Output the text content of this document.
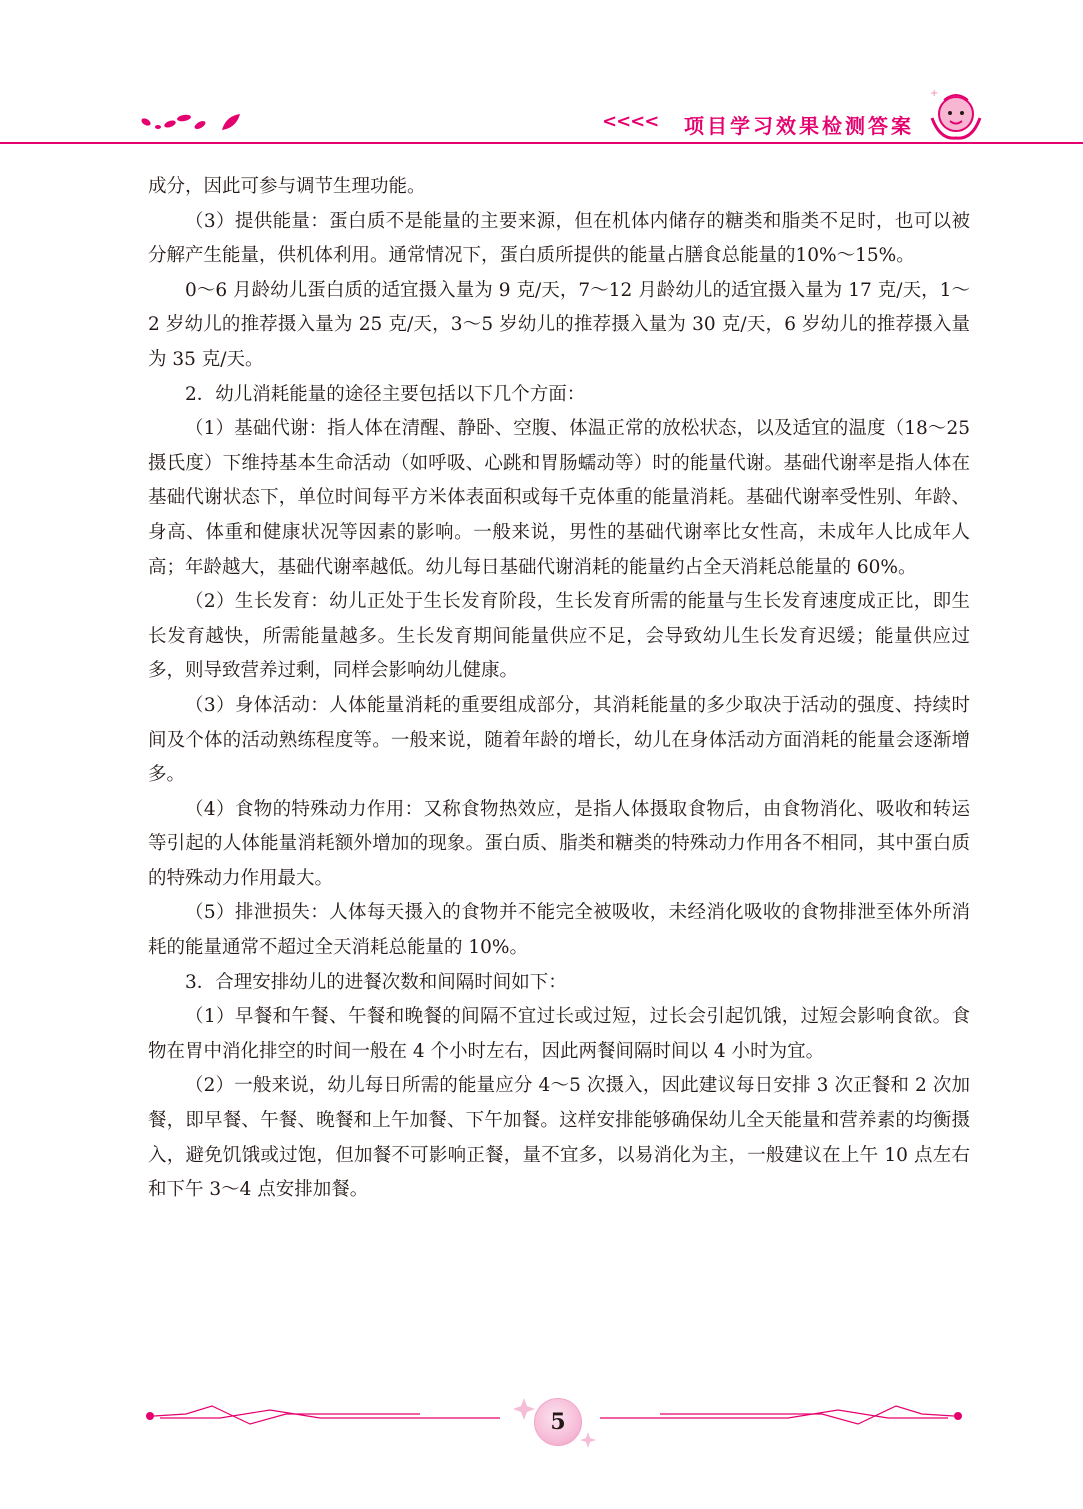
+
<<<< 项目学习效果检测答案

成分，因此可参与调节生理功能。

（3）提供能量：蛋白质不是能量的主要来源，但在机体内储存的糖类和脂类不足时，也可以被分解产生能量，供机体利用。通常情况下，蛋白质所提供的能量占膳食总能量的10%～15%。

0～6 月龄幼儿蛋白质的适宜摄入量为 9 克/天，7～12 月龄幼儿的适宜摄入量为 17 克/天，1～2 岁幼儿的推荐摄入量为 25 克/天，3～5 岁幼儿的推荐摄入量为 30 克/天，6 岁幼儿的推荐摄入量为 35 克/天。

2．幼儿消耗能量的途径主要包括以下几个方面：

（1）基础代谢：指人体在清醒、静卧、空腹、体温正常的放松状态，以及适宜的温度（18～25 摄氏度）下维持基本生命活动（如呼吸、心跳和胃肠蠕动等）时的能量代谢。基础代谢率是指人体在基础代谢状态下，单位时间每平方米体表面积或每千克体重的能量消耗。基础代谢率受性别、年龄、身高、体重和健康状况等因素的影响。一般来说，男性的基础代谢率比女性高，未成年人比成年人高；年龄越大，基础代谢率越低。幼儿每日基础代谢消耗的能量约占全天消耗总能量的 60%。

（2）生长发育：幼儿正处于生长发育阶段，生长发育所需的能量与生长发育速度成正比，即生长发育越快，所需能量越多。生长发育期间能量供应不足，会导致幼儿生长发育迟缓；能量供应过多，则导致营养过剩，同样会影响幼儿健康。

（3）身体活动：人体能量消耗的重要组成部分，其消耗能量的多少取决于活动的强度、持续时间及个体的活动熟练程度等。一般来说，随着年龄的增长，幼儿在身体活动方面消耗的能量会逐渐增多。

（4）食物的特殊动力作用：又称食物热效应，是指人体摄取食物后，由食物消化、吸收和转运等引起的人体能量消耗额外增加的现象。蛋白质、脂类和糖类的特殊动力作用各不相同，其中蛋白质的特殊动力作用最大。

（5）排泄损失：人体每天摄入的食物并不能完全被吸收，未经消化吸收的食物排泄至体外所消耗的能量通常不超过全天消耗总能量的 10%。

3．合理安排幼儿的进餐次数和间隔时间如下：

（1）早餐和午餐、午餐和晚餐的间隔不宜过长或过短，过长会引起饥饿，过短会影响食欲。食物在胃中消化排空的时间一般在 4 个小时左右，因此两餐间隔时间以 4 小时为宜。

（2）一般来说，幼儿每日所需的能量应分 4～5 次摄入，因此建议每日安排 3 次正餐和 2 次加餐，即早餐、午餐、晚餐和上午加餐、下午加餐。这样安排能够确保幼儿全天能量和营养素的均衡摄入，避免饥饿或过饱，但加餐不可影响正餐，量不宜多，以易消化为主，一般建议在上午 10 点左右和下午 3～4 点安排加餐。

5
